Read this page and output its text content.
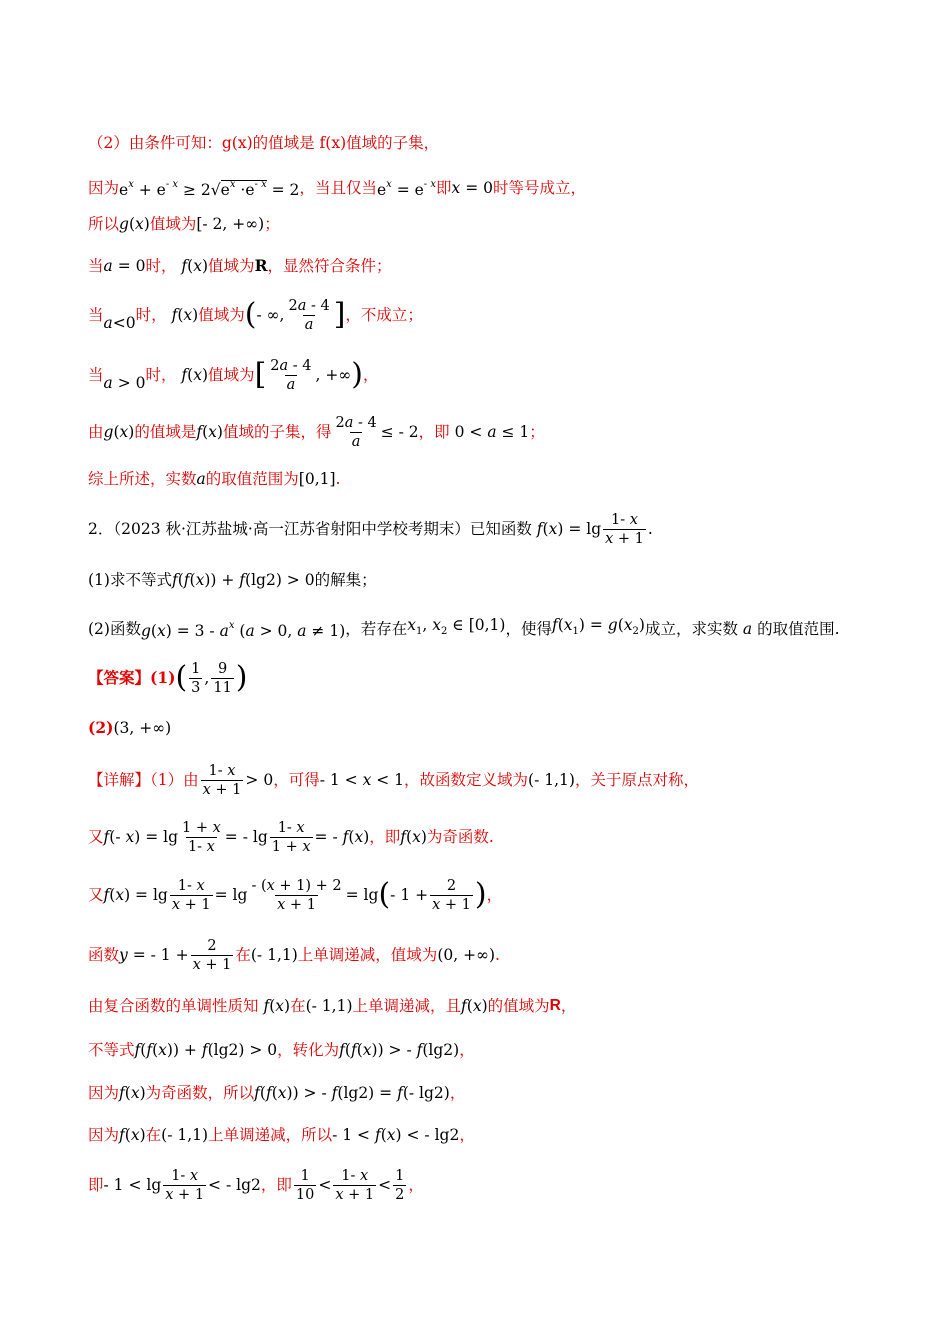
（2）由条件可知：g(x)的值域是 f(x)值域的子集，
因为 $e^x + e^{- x} \ge 2√e^x \cdot e^{- x} = 2$ ， 当且仅当 $e^x = e^{- x}$ 即 x = 0 时等号成立，
所以 g(x) 值域为 [- 2, +∞) ；
当 a = 0 时， f(x) 值域为 R ，显然符合条件；
当 a<0 时， f(x) 值域为 ( - ∞, $\frac{2a - 4}{a}$ ] ，不成立；
当 a > 0 时， f(x) 值域为 [ $\frac{2a - 4}{a}$ , +∞ ) ，
由 g(x) 的值域是 f(x) 值域的子集，得 $\frac{2a - 4}{a}$ ≤ - 2 ，即 0 < a ≤ 1 ；
综上所述，实数 a 的取值范围为 [0,1] .
2．（2023 秋·江苏盐城·高一江苏省射阳中学校考期末）已知函数 $f(x) = \lg \frac{1- x}{x + 1}$ .
(1)求不等式 f(f(x)) + f(lg2) > 0 的解集；
(2)函数 $g(x) = 3 - a^x$ (a > 0, a ≠ 1) ，若存在 $x_1$, $x_2$ ∈ [0,1) ，使得 $f(x_1) = g(x_2)$ 成立，求实数 a 的取值范围.
【答案】(1) ( $\frac{1}{3}$ , $\frac{9}{11}$ )
(2) (3, +∞)
【详解】（1）由 $\frac{1- x}{x + 1} > 0$ ，可得 - 1 < x < 1 ，故函数定义域为 (- 1,1) ，关于原点对称，
又 f(- $x) = \lg \frac{1 + x}{1- x}$ = - $\lg \frac{1- x}{1 + x}$ = - f(x) ，即 f(x) 为奇函数.
又 $f(x) = \lg \frac{1- x}{x + 1} = \lg \frac{- (x + 1) + 2}{x + 1} = \lg$ ( - $1 + \frac{2}{x + 1}$ ) ，
函数 y = - $1 + \frac{2}{x + 1}$ 在 (- 1,1) 上单调递减，值域为 (0, +∞) .
由复合函数的单调性质知 f(x) 在 (- 1,1) 上单调递减，且 f(x) 的值域为 R ，
不等式 f(f(x)) + f(lg2) > 0 ，转化为 f(f(x)) > - f(lg2) ，
因为 f(x) 为奇函数，所以 f(f(x)) > - f(lg2) = f(- lg2) ，
因为 f(x) 在 (- 1,1) 上单调递减，所以 - 1 < f(x) < - lg2 ，
即 - $1 < \lg \frac{1- x}{x + 1}$ < - lg2 ，即 $\frac{1}{10} < \frac{1- x}{x + 1} < \frac{1}{2}$ ，
